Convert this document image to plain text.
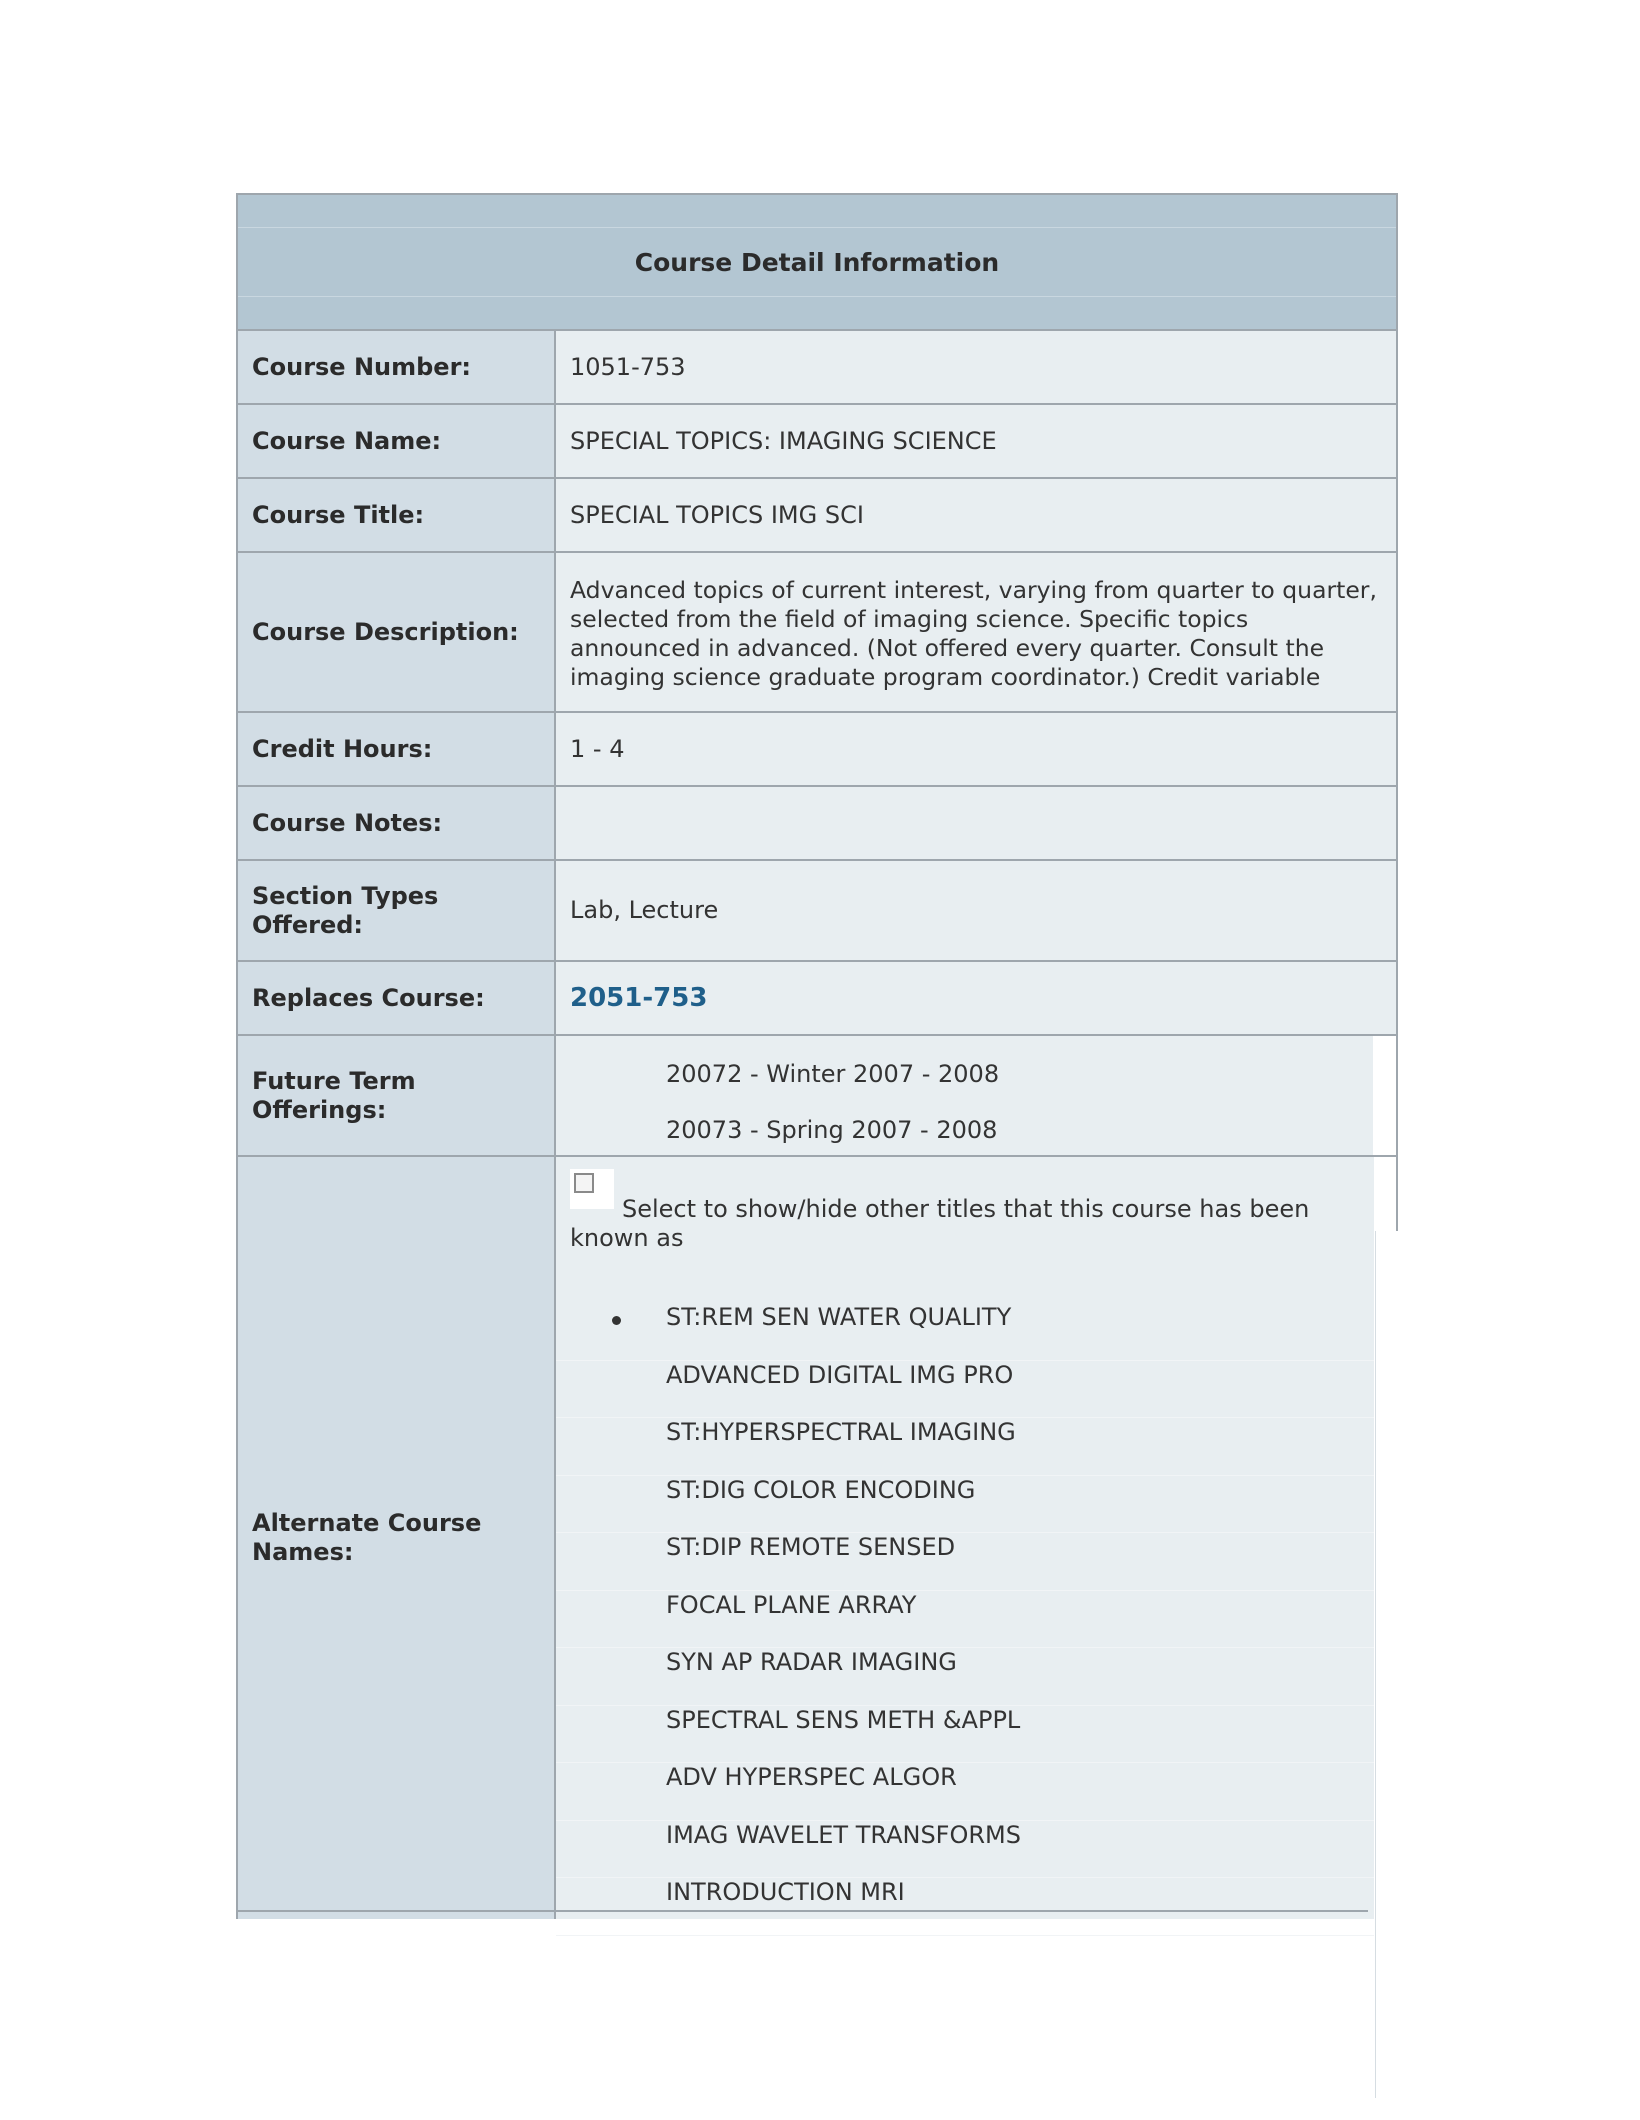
Course Detail Information
Course Number:	1051-753
Course Name:	SPECIAL TOPICS: IMAGING SCIENCE
Course Title:	SPECIAL TOPICS IMG SCI
Course Description:
Advanced topics of current interest, varying from quarter to quarter, selected from the field of imaging science. Specific topics announced in advanced. (Not offered every quarter. Consult the imaging science graduate program coordinator.) Credit variable
Credit Hours:	1 - 4
Course Notes:
Section Types Offered:
Lab, Lecture
Replaces Course:	2051-753
Future Term Offerings:
20072 - Winter 2007 - 2008
20073 - Spring 2007 - 2008
Alternate Course Names:
Select to show/hide other titles that this course has been known as
ST:REM SEN WATER QUALITY
ADVANCED DIGITAL IMG PRO
ST:HYPERSPECTRAL IMAGING
ST:DIG COLOR ENCODING
ST:DIP REMOTE SENSED
FOCAL PLANE ARRAY
SYN AP RADAR IMAGING
SPECTRAL SENS METH &APPL
ADV HYPERSPEC ALGOR
IMAG WAVELET TRANSFORMS
INTRODUCTION MRI
